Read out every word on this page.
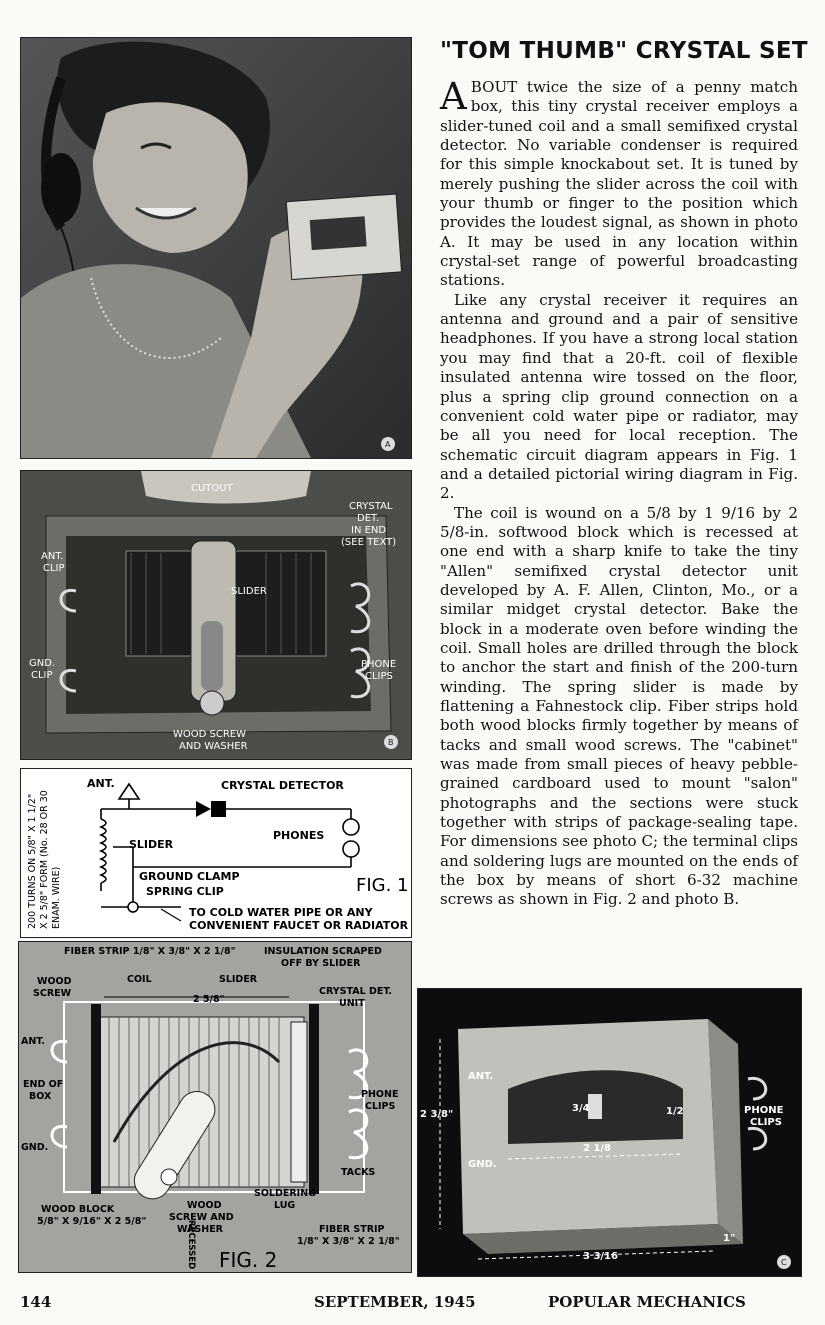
A
CUTOUT
CRYSTAL
DET.
IN END
(SEE TEXT)
ANT.
CLIP
SLIDER
GND.
CLIP
PHONE
CLIPS
WOOD SCREW
AND WASHER	B
200 TURNS ON 5/8" X 1 1/2" X 2 5/8" FORM (No. 28 OR 30 ENAM. WIRE)
ANT.	CRYSTAL DETECTOR
PHONES
SLIDER
GROUND CLAMP
SPRING CLIP
TO COLD WATER PIPE OR ANY
CONVENIENT FAUCET OR RADIATOR
FIG. 1
FIBER STRIP 1/8" X 3/8" X 2 1/8"	INSULATION SCRAPED
OFF BY SLIDER
WOOD
SCREW
COIL	SLIDER
2 5/8"
CRYSTAL DET.
UNIT
ANT.
END OF
BOX	PHONE
CLIPS
GND.
TACKS
SOLDERING
LUG
WOOD BLOCK
5/8" X 9/16" X 2 5/8"
WOOD
SCREW AND
WASHER	FIBER STRIP
1/8" X 3/8" X 2 1/8"
RECESSED FIG. 2
ANT.
GND.
2 3/8"	PHONE
CLIPS
3/4
2 1/8
1/2
3 3/16
1"
C
"TOM THUMB" CRYSTAL SET

ABOUT twice the size of a penny match box, this tiny crystal receiver employs a slider-tuned coil and a small semifixed crystal detector. No variable condenser is required for this simple knockabout set. It is tuned by merely pushing the slider across the coil with your thumb or finger to the position which provides the loudest signal, as shown in photo A. It may be used in any location within crystal-set range of powerful broadcasting stations.

Like any crystal receiver it requires an antenna and ground and a pair of sensitive headphones. If you have a strong local station you may find that a 20-ft. coil of flexible insulated antenna wire tossed on the floor, plus a spring clip ground connection on a convenient cold water pipe or radiator, may be all you need for local reception. The schematic circuit diagram appears in Fig. 1 and a detailed pictorial wiring diagram in Fig. 2.

The coil is wound on a 5/8 by 1 9/16 by 2 5/8-in. softwood block which is recessed at one end with a sharp knife to take the tiny "Allen" semifixed crystal detector unit developed by A. F. Allen, Clinton, Mo., or a similar midget crystal detector. Bake the block in a moderate oven before winding the coil. Small holes are drilled through the block to anchor the start and finish of the 200-turn winding. The spring slider is made by flattening a Fahnestock clip. Fiber strips hold both wood blocks firmly together by means of tacks and small wood screws. The "cabinet" was made from small pieces of heavy pebble-grained cardboard used to mount "salon" photographs and the sections were stuck together with strips of package-sealing tape. For dimensions see photo C; the terminal clips and soldering lugs are mounted on the ends of the box by means of short 6-32 machine screws as shown in Fig. 2 and photo B.

144	SEPTEMBER, 1945	POPULAR MECHANICS
